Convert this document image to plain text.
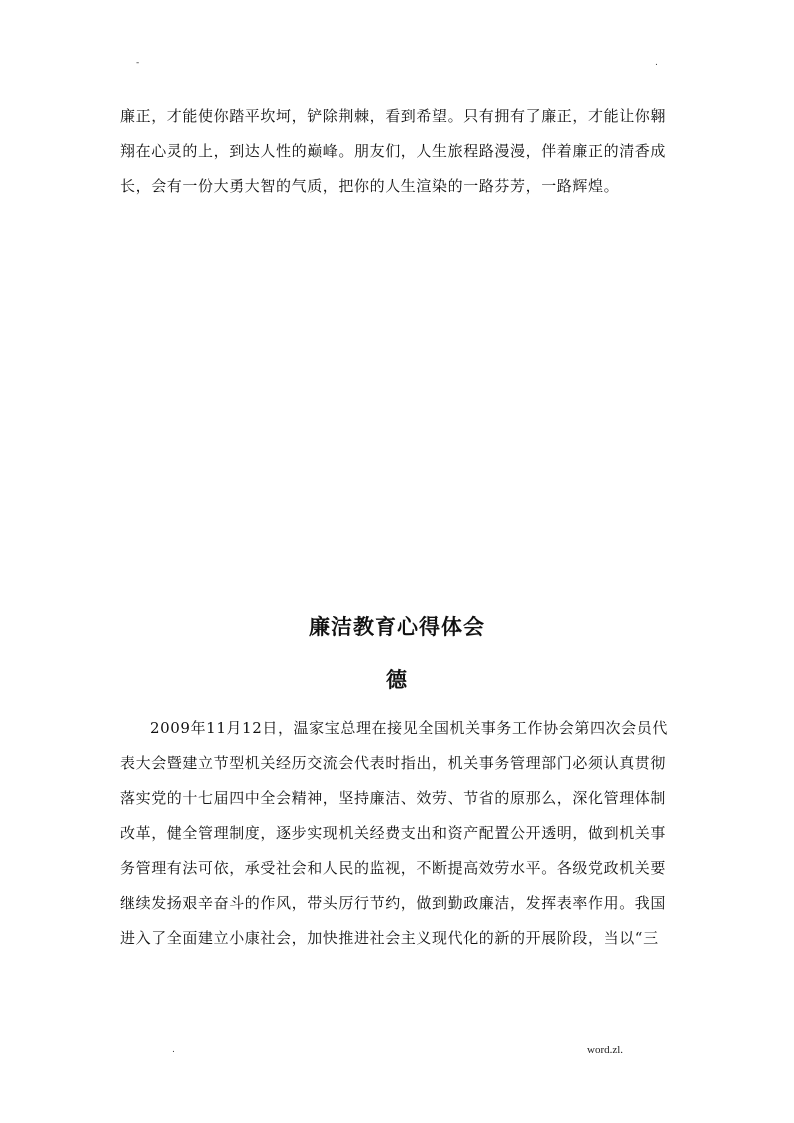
-	.

廉正，才能使你踏平坎坷，铲除荆棘，看到希望。只有拥有了廉正，才能让你翱翔在心灵的上，到达人性的巅峰。朋友们，人生旅程路漫漫，伴着廉正的清香成长，会有一份大勇大智的气质，把你的人生渲染的一路芬芳，一路辉煌。

廉洁教育心得体会
德

2009年11月12日，温家宝总理在接见全国机关事务工作协会第四次会员代表大会暨建立节型机关经历交流会代表时指出，机关事务管理部门必须认真贯彻落实党的十七届四中全会精神，坚持廉洁、效劳、节省的原那么，深化管理体制改革，健全管理制度，逐步实现机关经费支出和资产配置公开透明，做到机关事务管理有法可依，承受社会和人民的监视，不断提高效劳水平。各级党政机关要继续发扬艰辛奋斗的作风，带头厉行节约，做到勤政廉洁，发挥表率作用。我国进入了全面建立小康社会，加快推进社会主义现代化的新的开展阶段，当以“三

.	word.zl.
